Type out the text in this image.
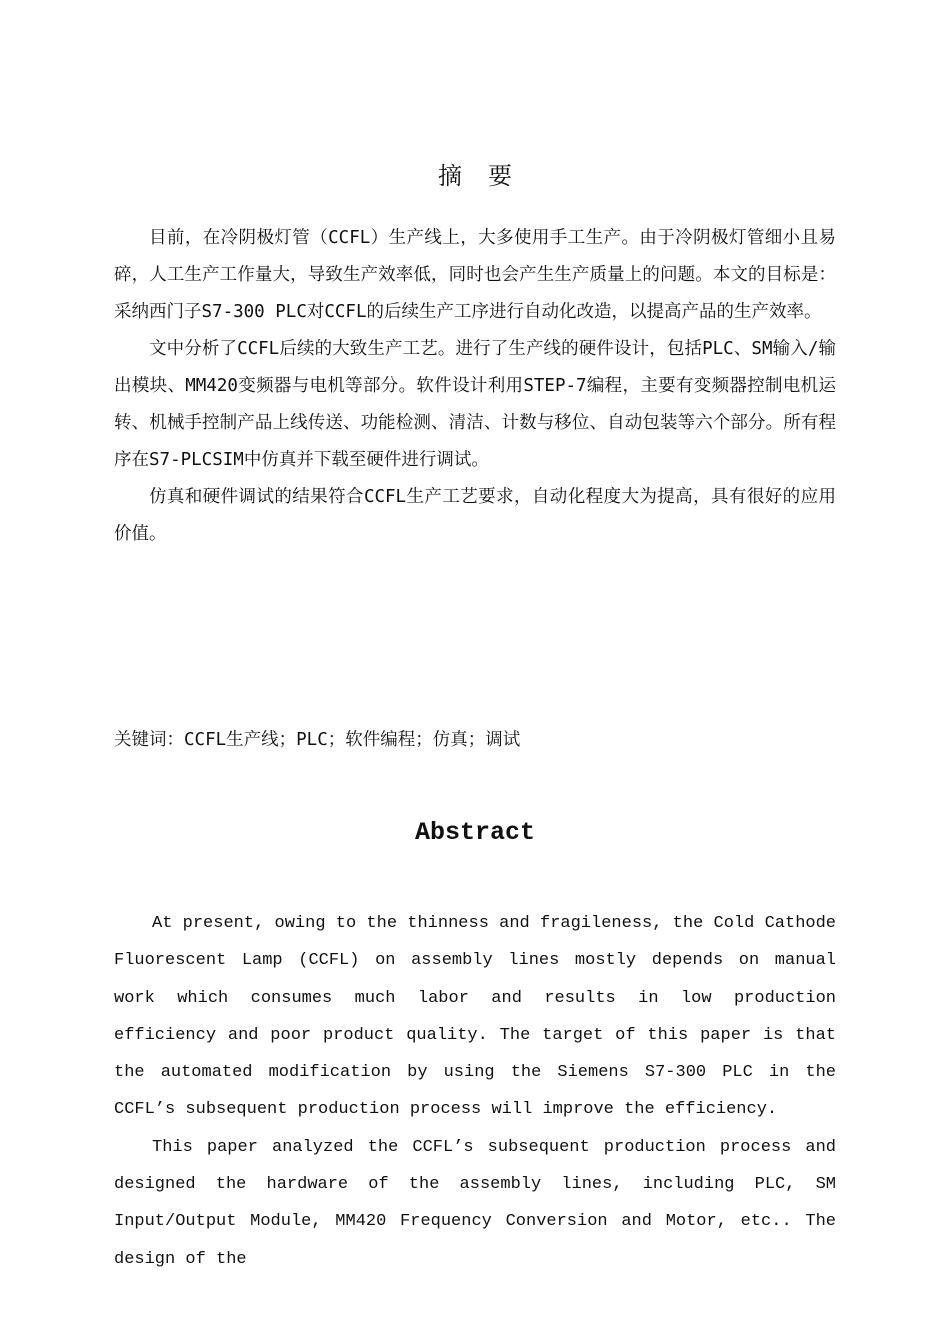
摘要

目前，在冷阴极灯管（CCFL）生产线上，大多使用手工生产。由于冷阴极灯管细小且易碎，人工生产工作量大，导致生产效率低，同时也会产生生产质量上的问题。本文的目标是：采纳西门子S7-300 PLC对CCFL的后续生产工序进行自动化改造，以提高产品的生产效率。

文中分析了CCFL后续的大致生产工艺。进行了生产线的硬件设计，包括PLC、SM输入/输出模块、MM420变频器与电机等部分。软件设计利用STEP-7编程，主要有变频器控制电机运转、机械手控制产品上线传送、功能检测、清洁、计数与移位、自动包装等六个部分。所有程序在S7-PLCSIM中仿真并下载至硬件进行调试。

仿真和硬件调试的结果符合CCFL生产工艺要求，自动化程度大为提高，具有很好的应用价值。

关键词：CCFL生产线；PLC；软件编程；仿真；调试
Abstract

At present, owing to the thinness and fragileness, the Cold Cathode Fluorescent Lamp (CCFL) on assembly lines mostly depends on manual work which consumes much labor and results in low production efficiency and poor product quality. The target of this paper is that the automated modification by using the Siemens S7-300 PLC in the CCFL’s subsequent production process will improve the efficiency.

This paper analyzed the CCFL’s subsequent production process and designed the hardware of the assembly lines, including PLC, SM Input/Output Module, MM420 Frequency Conversion and Motor, etc.. The design of the
